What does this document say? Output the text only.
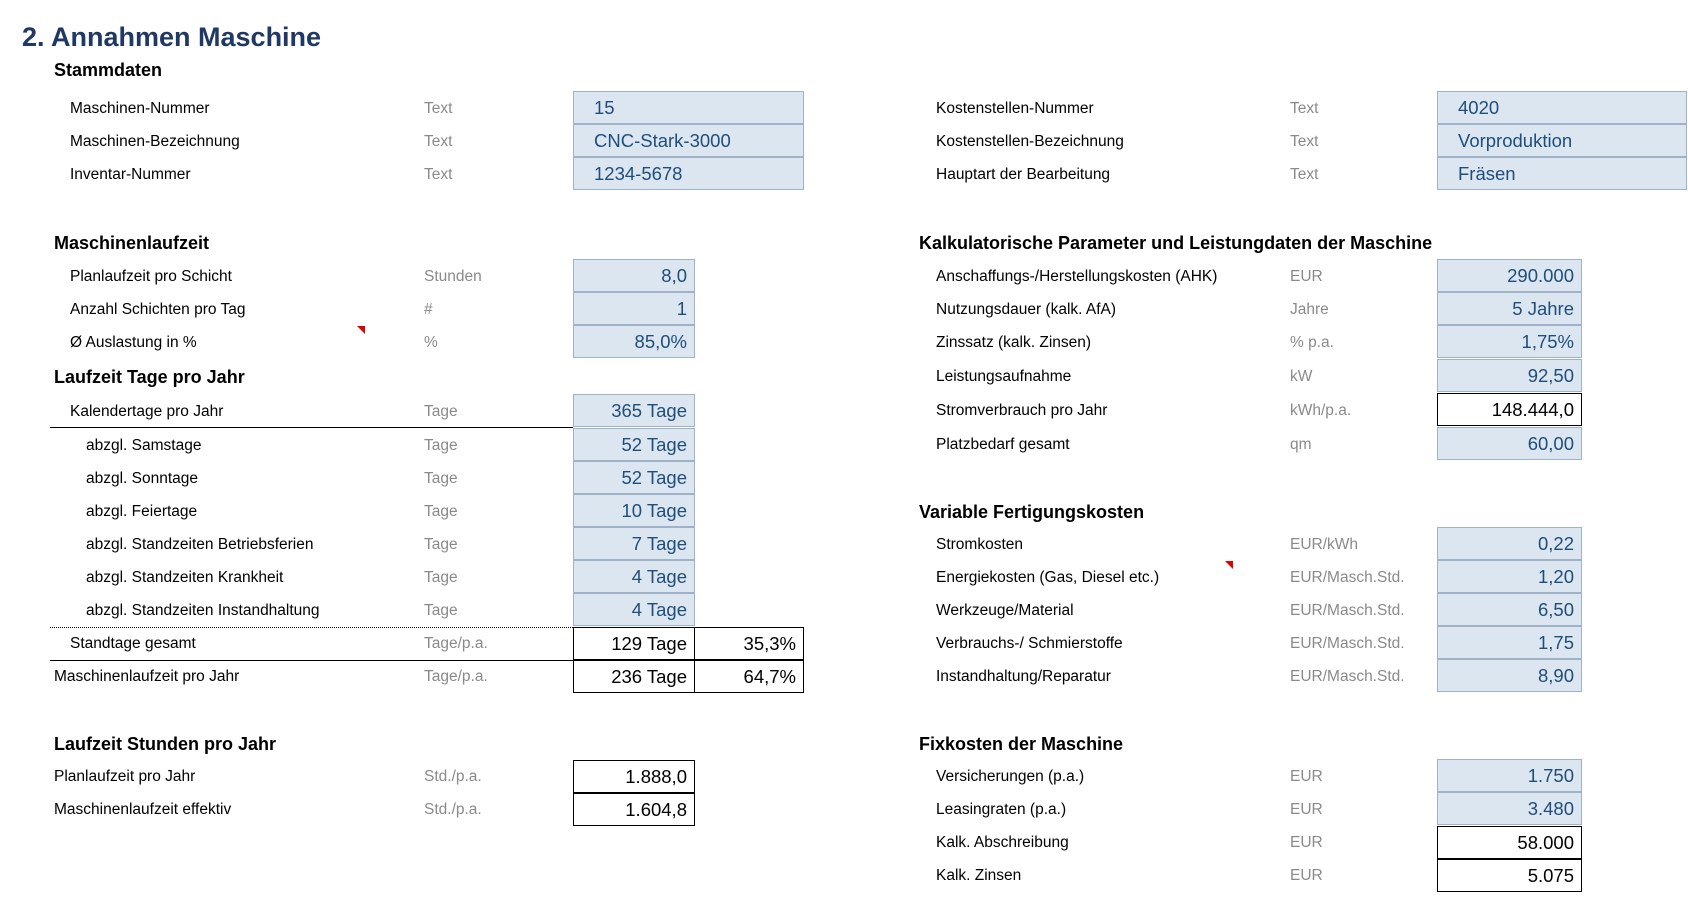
2. Annahmen Maschine
Stammdaten
Maschinen-Nummer	Text	15
Maschinen-Bezeichnung	Text	CNC-Stark-3000
Inventar-Nummer	Text	1234-5678
Kostenstellen-Nummer	Text	4020
Kostenstellen-Bezeichnung	Text	Vorproduktion
Hauptart der Bearbeitung	Text	Fräsen
Maschinenlaufzeit
Planlaufzeit pro Schicht	Stunden	8,0
Anzahl Schichten pro Tag	#	1
Ø Auslastung in %	%	85,0%
Laufzeit Tage pro Jahr
Kalendertage pro Jahr	Tage	365 Tage
abzgl. Samstage	Tage	52 Tage
abzgl. Sonntage	Tage	52 Tage
abzgl. Feiertage	Tage	10 Tage
abzgl. Standzeiten Betriebsferien	Tage	7 Tage
abzgl. Standzeiten Krankheit	Tage	4 Tage
abzgl. Standzeiten Instandhaltung	Tage	4 Tage
Standtage gesamt	Tage/p.a.	129 Tage	35,3%
Maschinenlaufzeit pro Jahr	Tage/p.a.	236 Tage	64,7%
Laufzeit Stunden pro Jahr
Planlaufzeit pro Jahr	Std./p.a.	1.888,0
Maschinenlaufzeit effektiv	Std./p.a.	1.604,8
Kalkulatorische Parameter und Leistungdaten der Maschine
Anschaffungs-/Herstellungskosten (AHK)	EUR	290.000
Nutzungsdauer (kalk. AfA)	Jahre	5 Jahre
Zinssatz (kalk. Zinsen)	% p.a.	1,75%
Leistungsaufnahme	kW	92,50
Stromverbrauch pro Jahr	kWh/p.a.	148.444,0
Platzbedarf gesamt	qm	60,00
Variable Fertigungskosten
Stromkosten	EUR/kWh	0,22
Energiekosten (Gas, Diesel etc.)	EUR/Masch.Std.	1,20
Werkzeuge/Material	EUR/Masch.Std.	6,50
Verbrauchs-/ Schmierstoffe	EUR/Masch.Std.	1,75
Instandhaltung/Reparatur	EUR/Masch.Std.	8,90
Fixkosten der Maschine
Versicherungen (p.a.)	EUR	1.750
Leasingraten (p.a.)	EUR	3.480
Kalk. Abschreibung	EUR	58.000
Kalk. Zinsen	EUR	5.075
